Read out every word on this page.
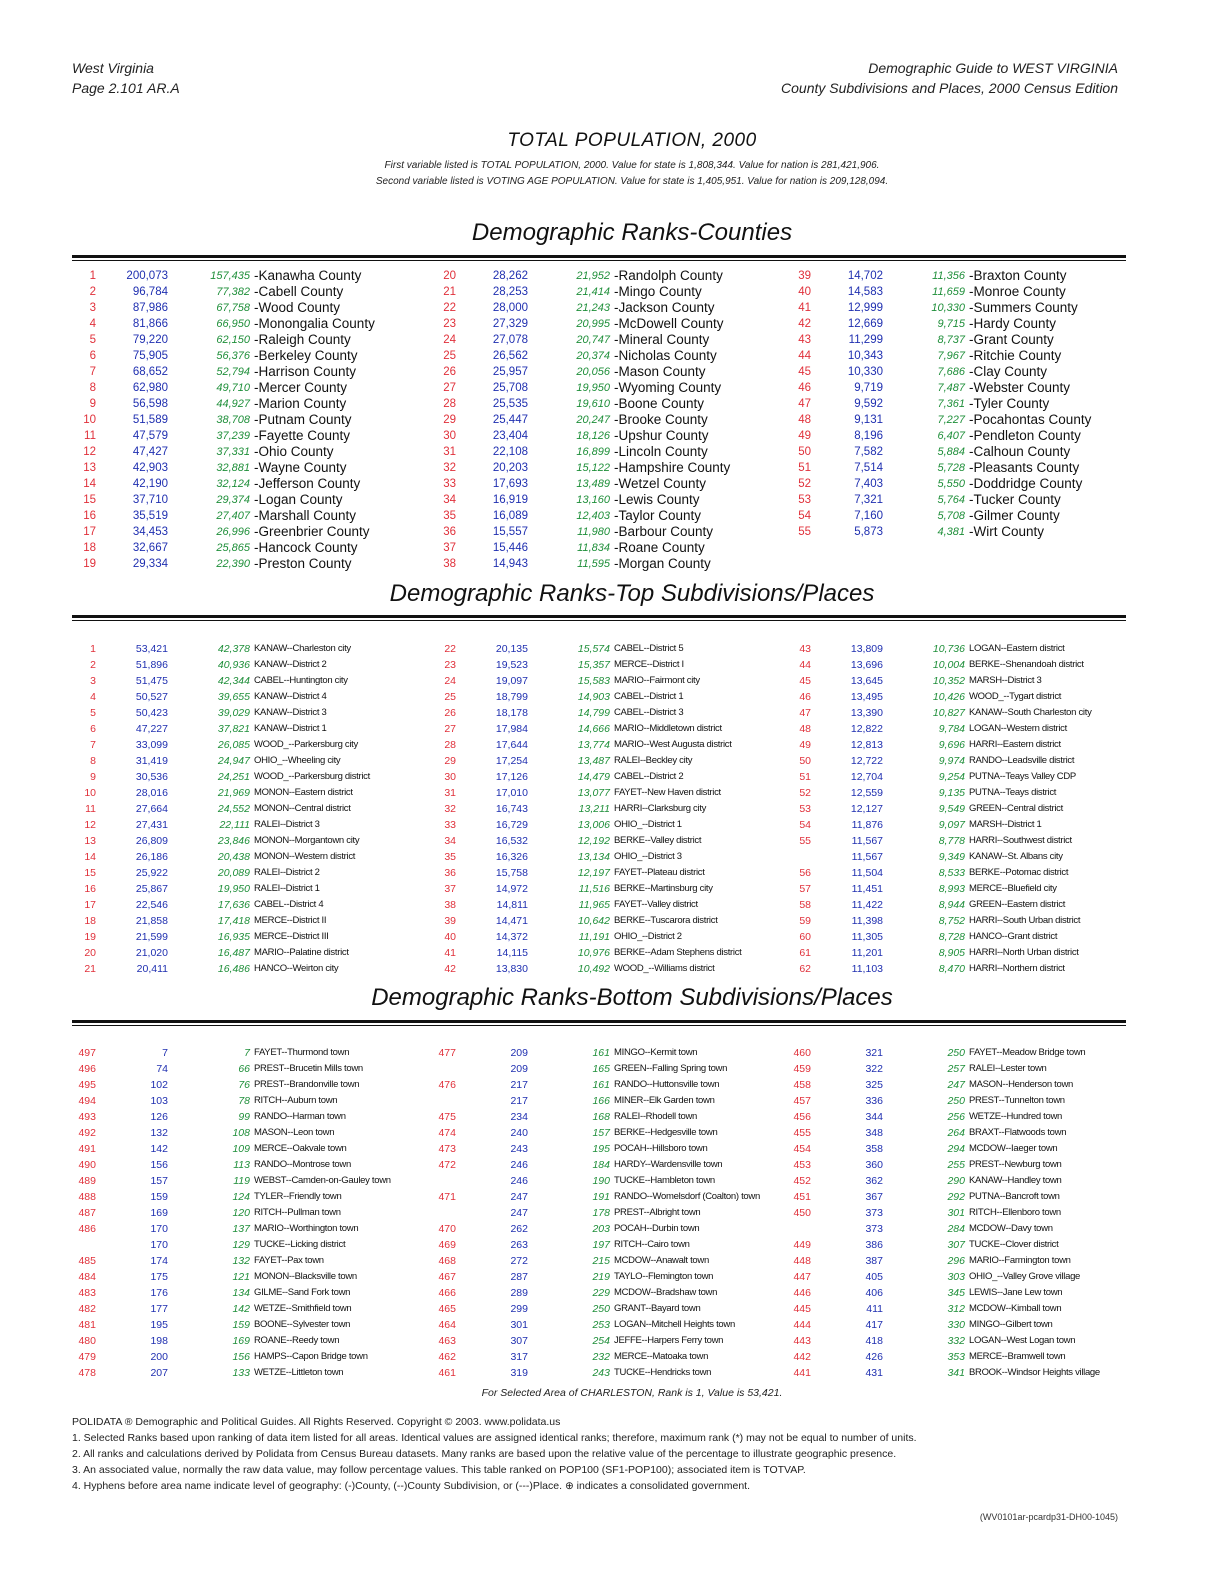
West Virginia
Page 2.101 AR.A
Demographic Guide to WEST VIRGINIA
County Subdivisions and Places, 2000 Census Edition
TOTAL POPULATION, 2000
First variable listed is TOTAL POPULATION, 2000. Value for state is 1,808,344. Value for nation is 281,421,906.
Second variable listed is VOTING AGE POPULATION. Value for state is 1,405,951. Value for nation is 209,128,094.
Demographic Ranks-Counties
1	200,073	157,435 -Kanawha County
2	96,784	77,382 -Cabell County
3	87,986	67,758 -Wood County
4	81,866	66,950 -Monongalia County
5	79,220	62,150 -Raleigh County
6	75,905	56,376 -Berkeley County
7	68,652	52,794 -Harrison County
8	62,980	49,710 -Mercer County
9	56,598	44,927 -Marion County
10	51,589	38,708 -Putnam County
11	47,579	37,239 -Fayette County
12	47,427	37,331 -Ohio County
13	42,903	32,881 -Wayne County
14	42,190	32,124 -Jefferson County
15	37,710	29,374 -Logan County
16	35,519	27,407 -Marshall County
17	34,453	26,996 -Greenbrier County
18	32,667	25,865 -Hancock County
19	29,334	22,390 -Preston County
20	28,262	21,952 -Randolph County
21	28,253	21,414 -Mingo County
22	28,000	21,243 -Jackson County
23	27,329	20,995 -McDowell County
24	27,078	20,747 -Mineral County
25	26,562	20,374 -Nicholas County
26	25,957	20,056 -Mason County
27	25,708	19,950 -Wyoming County
28	25,535	19,610 -Boone County
29	25,447	20,247 -Brooke County
30	23,404	18,126 -Upshur County
31	22,108	16,899 -Lincoln County
32	20,203	15,122 -Hampshire County
33	17,693	13,489 -Wetzel County
34	16,919	13,160 -Lewis County
35	16,089	12,403 -Taylor County
36	15,557	11,980 -Barbour County
37	15,446	11,834 -Roane County
38	14,943	11,595 -Morgan County
39	14,702	11,356 -Braxton County
40	14,583	11,659 -Monroe County
41	12,999	10,330 -Summers County
42	12,669	9,715 -Hardy County
43	11,299	8,737 -Grant County
44	10,343	7,967 -Ritchie County
45	10,330	7,686 -Clay County
46	9,719	7,487 -Webster County
47	9,592	7,361 -Tyler County
48	9,131	7,227 -Pocahontas County
49	8,196	6,407 -Pendleton County
50	7,582	5,884 -Calhoun County
51	7,514	5,728 -Pleasants County
52	7,403	5,550 -Doddridge County
53	7,321	5,764 -Tucker County
54	7,160	5,708 -Gilmer County
55	5,873	4,381 -Wirt County
Demographic Ranks-Top Subdivisions/Places
1	53,421	42,378 KANAW--Charleston city
2	51,896	40,936 KANAW--District 2
3	51,475	42,344 CABEL--Huntington city
4	50,527	39,655 KANAW--District 4
5	50,423	39,029 KANAW--District 3
6	47,227	37,821 KANAW--District 1
7	33,099	26,085 WOOD_--Parkersburg city
8	31,419	24,947 OHIO_--Wheeling city
9	30,536	24,251 WOOD_--Parkersburg district
10	28,016	21,969 MONON--Eastern district
11	27,664	24,552 MONON--Central district
12	27,431	22,111 RALEI--District 3
13	26,809	23,846 MONON--Morgantown city
14	26,186	20,438 MONON--Western district
15	25,922	20,089 RALEI--District 2
16	25,867	19,950 RALEI--District 1
17	22,546	17,636 CABEL--District 4
18	21,858	17,418 MERCE--District II
19	21,599	16,935 MERCE--District III
20	21,020	16,487 MARIO--Palatine district
21	20,411	16,486 HANCO--Weirton city
22	20,135	15,574 CABEL--District 5
23	19,523	15,357 MERCE--District I
24	19,097	15,583 MARIO--Fairmont city
25	18,799	14,903 CABEL--District 1
26	18,178	14,799 CABEL--District 3
27	17,984	14,666 MARIO--Middletown district
28	17,644	13,774 MARIO--West Augusta district
29	17,254	13,487 RALEI--Beckley city
30	17,126	14,479 CABEL--District 2
31	17,010	13,077 FAYET--New Haven district
32	16,743	13,211 HARRI--Clarksburg city
33	16,729	13,006 OHIO_--District 1
34	16,532	12,192 BERKE--Valley district
35	16,326	13,134 OHIO_--District 3
36	15,758	12,197 FAYET--Plateau district
37	14,972	11,516 BERKE--Martinsburg city
38	14,811	11,965 FAYET--Valley district
39	14,471	10,642 BERKE--Tuscarora district
40	14,372	11,191 OHIO_--District 2
41	14,115	10,976 BERKE--Adam Stephens district
42	13,830	10,492 WOOD_--Williams district
43	13,809	10,736 LOGAN--Eastern district
44	13,696	10,004 BERKE--Shenandoah district
45	13,645	10,352 MARSH--District 3
46	13,495	10,426 WOOD_--Tygart district
47	13,390	10,827 KANAW--South Charleston city
48	12,822	9,784 LOGAN--Western district
49	12,813	9,696 HARRI--Eastern district
50	12,722	9,974 RANDO--Leadsville district
51	12,704	9,254 PUTNA--Teays Valley CDP
52	12,559	9,135 PUTNA--Teays district
53	12,127	9,549 GREEN--Central district
54	11,876	9,097 MARSH--District 1
55	11,567	8,778 HARRI--Southwest district
11,567	9,349 KANAW--St. Albans city
56	11,504	8,533 BERKE--Potomac district
57	11,451	8,993 MERCE--Bluefield city
58	11,422	8,944 GREEN--Eastern district
59	11,398	8,752 HARRI--South Urban district
60	11,305	8,728 HANCO--Grant district
61	11,201	8,905 HARRI--North Urban district
62	11,103	8,470 HARRI--Northern district
Demographic Ranks-Bottom Subdivisions/Places
497	7	7 FAYET--Thurmond town
496	74	66 PREST--Brucetin Mills town
495	102	76 PREST--Brandonville town
494	103	78 RITCH--Auburn town
493	126	99 RANDO--Harman town
492	132	108 MASON--Leon town
491	142	109 MERCE--Oakvale town
490	156	113 RANDO--Montrose town
489	157	119 WEBST--Camden-on-Gauley town
488	159	124 TYLER--Friendly town
487	169	120 RITCH--Pullman town
486	170	137 MARIO--Worthington town
170	129 TUCKE--Licking district
485	174	132 FAYET--Pax town
484	175	121 MONON--Blacksville town
483	176	134 GILME--Sand Fork town
482	177	142 WETZE--Smithfield town
481	195	159 BOONE--Sylvester town
480	198	169 ROANE--Reedy town
479	200	156 HAMPS--Capon Bridge town
478	207	133 WETZE--Littleton town
477	209	161 MINGO--Kermit town
209	165 GREEN--Falling Spring town
476	217	161 RANDO--Huttonsville town
217	166 MINER--Elk Garden town
475	234	168 RALEI--Rhodell town
474	240	157 BERKE--Hedgesville town
473	243	195 POCAH--Hillsboro town
472	246	184 HARDY--Wardensville town
246	190 TUCKE--Hambleton town
471	247	191 RANDO--Womelsdorf (Coalton) town
247	178 PREST--Albright town
470	262	203 POCAH--Durbin town
469	263	197 RITCH--Cairo town
468	272	215 MCDOW--Anawalt town
467	287	219 TAYLO--Flemington town
466	289	229 MCDOW--Bradshaw town
465	299	250 GRANT--Bayard town
464	301	253 LOGAN--Mitchell Heights town
463	307	254 JEFFE--Harpers Ferry town
462	317	232 MERCE--Matoaka town
461	319	243 TUCKE--Hendricks town
460	321	250 FAYET--Meadow Bridge town
459	322	257 RALEI--Lester town
458	325	247 MASON--Henderson town
457	336	250 PREST--Tunnelton town
456	344	256 WETZE--Hundred town
455	348	264 BRAXT--Flatwoods town
454	358	294 MCDOW--Iaeger town
453	360	255 PREST--Newburg town
452	362	290 KANAW--Handley town
451	367	292 PUTNA--Bancroft town
450	373	301 RITCH--Ellenboro town
373	284 MCDOW--Davy town
449	386	307 TUCKE--Clover district
448	387	296 MARIO--Farmington town
447	405	303 OHIO_--Valley Grove village
446	406	345 LEWIS--Jane Lew town
445	411	312 MCDOW--Kimball town
444	417	330 MINGO--Gilbert town
443	418	332 LOGAN--West Logan town
442	426	353 MERCE--Bramwell town
441	431	341 BROOK--Windsor Heights village
For Selected Area of CHARLESTON, Rank is 1, Value is 53,421.
POLIDATA ® Demographic and Political Guides. All Rights Reserved. Copyright © 2003. www.polidata.us
1. Selected Ranks based upon ranking of data item listed for all areas. Identical values are assigned identical ranks; therefore, maximum rank (*) may not be equal to number of units.
2. All ranks and calculations derived by Polidata from Census Bureau datasets. Many ranks are based upon the relative value of the percentage to illustrate geographic presence.
3. An associated value, normally the raw data value, may follow percentage values. This table ranked on POP100 (SF1-POP100); associated item is TOTVAP.
4. Hyphens before area name indicate level of geography: (-)County, (--)County Subdivision, or (---)Place. ⊕ indicates a consolidated government.
(WV0101ar-pcardp31-DH00-1045)
